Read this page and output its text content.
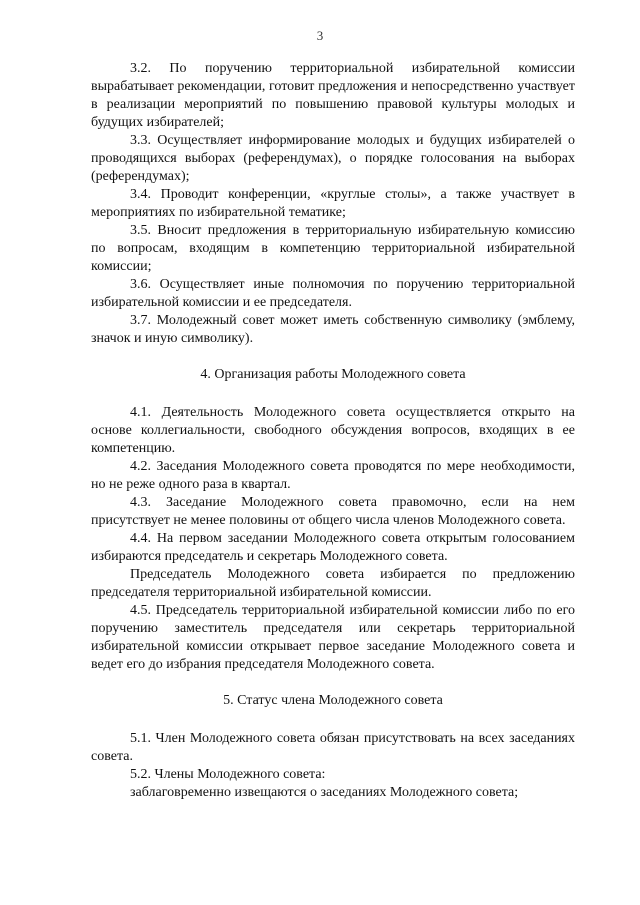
3

3.2. По поручению территориальной избирательной комиссии вырабатывает рекомендации, готовит предложения и непосредственно участвует в реализации мероприятий по повышению правовой культуры молодых и будущих избирателей;

3.3. Осуществляет информирование молодых и будущих избирателей о проводящихся выборах (референдумах), о порядке голосования на выборах (референдумах);

3.4. Проводит конференции, «круглые столы», а также участвует в мероприятиях по избирательной тематике;

3.5. Вносит предложения в территориальную избирательную комиссию по вопросам, входящим в компетенцию территориальной избирательной комиссии;

3.6. Осуществляет иные полномочия по поручению территориальной избирательной комиссии и ее председателя.

3.7. Молодежный совет может иметь собственную символику (эмблему, значок и иную символику).

4. Организация работы Молодежного совета

4.1. Деятельность Молодежного совета осуществляется открыто на основе коллегиальности, свободного обсуждения вопросов, входящих в ее компетенцию.

4.2. Заседания Молодежного совета проводятся по мере необходимости, но не реже одного раза в квартал.

4.3. Заседание Молодежного совета правомочно, если на нем присутствует не менее половины от общего числа членов Молодежного совета.

4.4. На первом заседании Молодежного совета открытым голосованием избираются председатель и секретарь Молодежного совета.

Председатель Молодежного совета избирается по предложению председателя территориальной избирательной комиссии.

4.5. Председатель территориальной избирательной комиссии либо по его поручению заместитель председателя или секретарь территориальной избирательной комиссии открывает первое заседание Молодежного совета и ведет его до избрания председателя Молодежного совета.

5. Статус члена Молодежного совета

5.1. Член Молодежного совета обязан присутствовать на всех заседаниях совета.

5.2. Члены Молодежного совета:

заблаговременно извещаются о заседаниях Молодежного совета;
